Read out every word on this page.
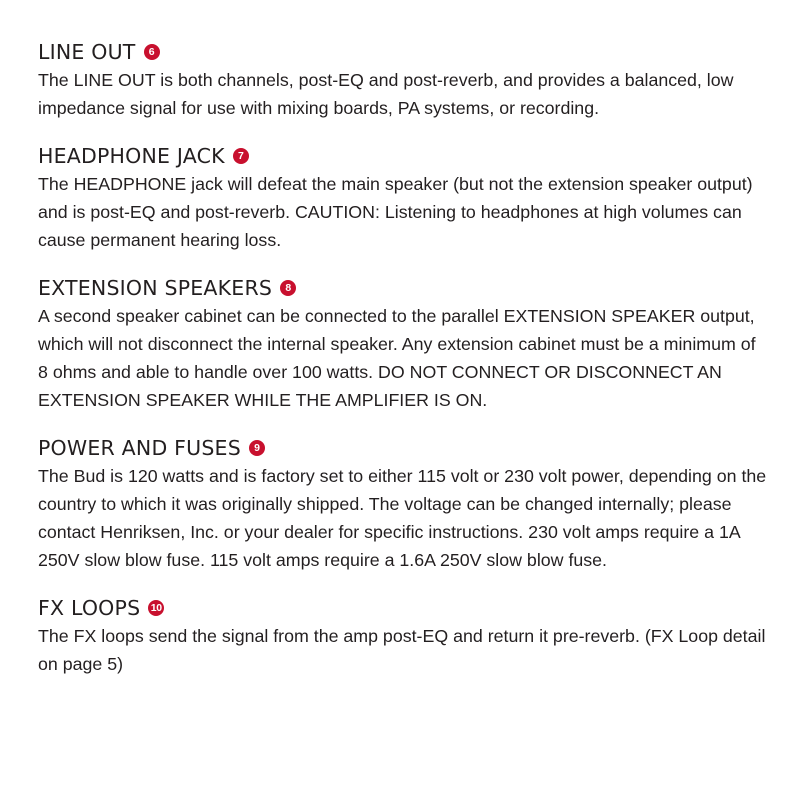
LINE OUT	6

The LINE OUT is both channels, post-EQ and post-reverb, and provides a balanced, low impedance signal for use with mixing boards, PA systems, or recording.

HEADPHONE JACK	7

The HEADPHONE jack will defeat the main speaker (but not the extension speaker output) and is post-EQ and post-reverb. CAUTION: Listening to headphones at high volumes can cause permanent hearing loss.

EXTENSION SPEAKERS	8

A second speaker cabinet can be connected to the parallel EXTENSION SPEAKER output, which will not disconnect the internal speaker. Any extension cabinet must be a minimum of 8 ohms and able to handle over 100 watts. DO NOT CONNECT OR DISCONNECT AN EXTENSION SPEAKER WHILE THE AMPLIFIER IS ON.

POWER AND FUSES	9

The Bud is 120 watts and is factory set to either 115 volt or 230 volt power, depending on the country to which it was originally shipped. The voltage can be changed internally; please contact Henriksen, Inc. or your dealer for specific instructions. 230 volt amps require a 1A 250V slow blow fuse. 115 volt amps require a 1.6A 250V slow blow fuse.

FX LOOPS 10

The FX loops send the signal from the amp post-EQ and return it pre-reverb. (FX Loop detail on page 5)
